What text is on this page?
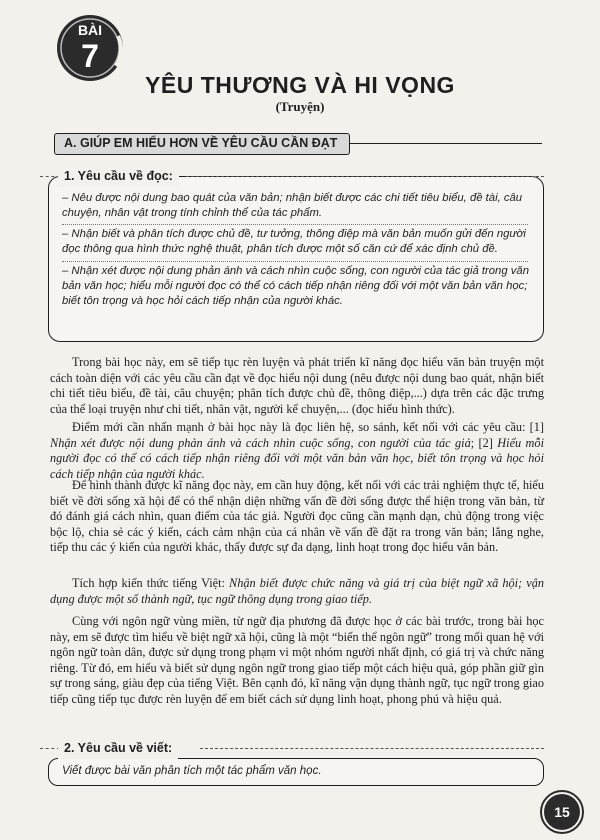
BÀI
7
YÊU THƯƠNG VÀ HI VỌNG
(Truyện)
A. GIÚP EM HIỂU HƠN VỀ YÊU CẦU CẦN ĐẠT
1. Yêu cầu về đọc:
– Nêu được nội dung bao quát của văn bản; nhận biết được các chi tiết tiêu biểu, đề tài, câu chuyện, nhân vật trong tính chỉnh thể của tác phẩm.
– Nhận biết và phân tích được chủ đề, tư tưởng, thông điệp mà văn bản muốn gửi đến người đọc thông qua hình thức nghệ thuật, phân tích được một số căn cứ để xác định chủ đề.
– Nhận xét được nội dung phản ánh và cách nhìn cuộc sống, con người của tác giả trong văn bản văn học; hiểu mỗi người đọc có thể có cách tiếp nhận riêng đối với một văn bản văn học; biết tôn trọng và học hỏi cách tiếp nhận của người khác.
Trong bài học này, em sẽ tiếp tục rèn luyện và phát triển kĩ năng đọc hiểu văn bản truyện một cách toàn diện với các yêu cầu cần đạt về đọc hiểu nội dung (nêu được nội dung bao quát, nhận biết chi tiết tiêu biểu, đề tài, câu chuyện; phân tích được chủ đề, thông điệp,...) dựa trên các đặc trưng của thể loại truyện như chi tiết, nhân vật, người kể chuyện,... (đọc hiểu hình thức).
Điểm mới cần nhấn mạnh ở bài học này là đọc liên hệ, so sánh, kết nối với các yêu cầu: [1] Nhận xét được nội dung phản ánh và cách nhìn cuộc sống, con người của tác giả; [2] Hiểu mỗi người đọc có thể có cách tiếp nhận riêng đối với một văn bản văn học, biết tôn trọng và học hỏi cách tiếp nhận của người khác.
Để hình thành được kĩ năng đọc này, em cần huy động, kết nối với các trải nghiệm thực tế, hiểu biết về đời sống xã hội để có thể nhận diện những vấn đề đời sống được thể hiện trong văn bản, từ đó đánh giá cách nhìn, quan điểm của tác giả. Người đọc cũng cần mạnh dạn, chủ động trong việc bộc lộ, chia sẻ các ý kiến, cách cảm nhận của cá nhân về vấn đề đặt ra trong văn bản; lắng nghe, tiếp thu các ý kiến của người khác, thấy được sự đa dạng, linh hoạt trong đọc hiểu văn bản.
Tích hợp kiến thức tiếng Việt: Nhận biết được chức năng và giá trị của biệt ngữ xã hội; vận dụng được một số thành ngữ, tục ngữ thông dụng trong giao tiếp.
Cùng với ngôn ngữ vùng miền, từ ngữ địa phương đã được học ở các bài trước, trong bài học này, em sẽ được tìm hiểu về biệt ngữ xã hội, cũng là một “biến thể ngôn ngữ” trong mối quan hệ với ngôn ngữ toàn dân, được sử dụng trong phạm vi một nhóm người nhất định, có giá trị và chức năng riêng. Từ đó, em hiểu và biết sử dụng ngôn ngữ trong giao tiếp một cách hiệu quả, góp phần giữ gìn sự trong sáng, giàu đẹp của tiếng Việt. Bên cạnh đó, kĩ năng vận dụng thành ngữ, tục ngữ trong giao tiếp cũng tiếp tục được rèn luyện để em biết cách sử dụng linh hoạt, phong phú và hiệu quả.
2. Yêu cầu về viết:
Viết được bài văn phân tích một tác phẩm văn học.
15
